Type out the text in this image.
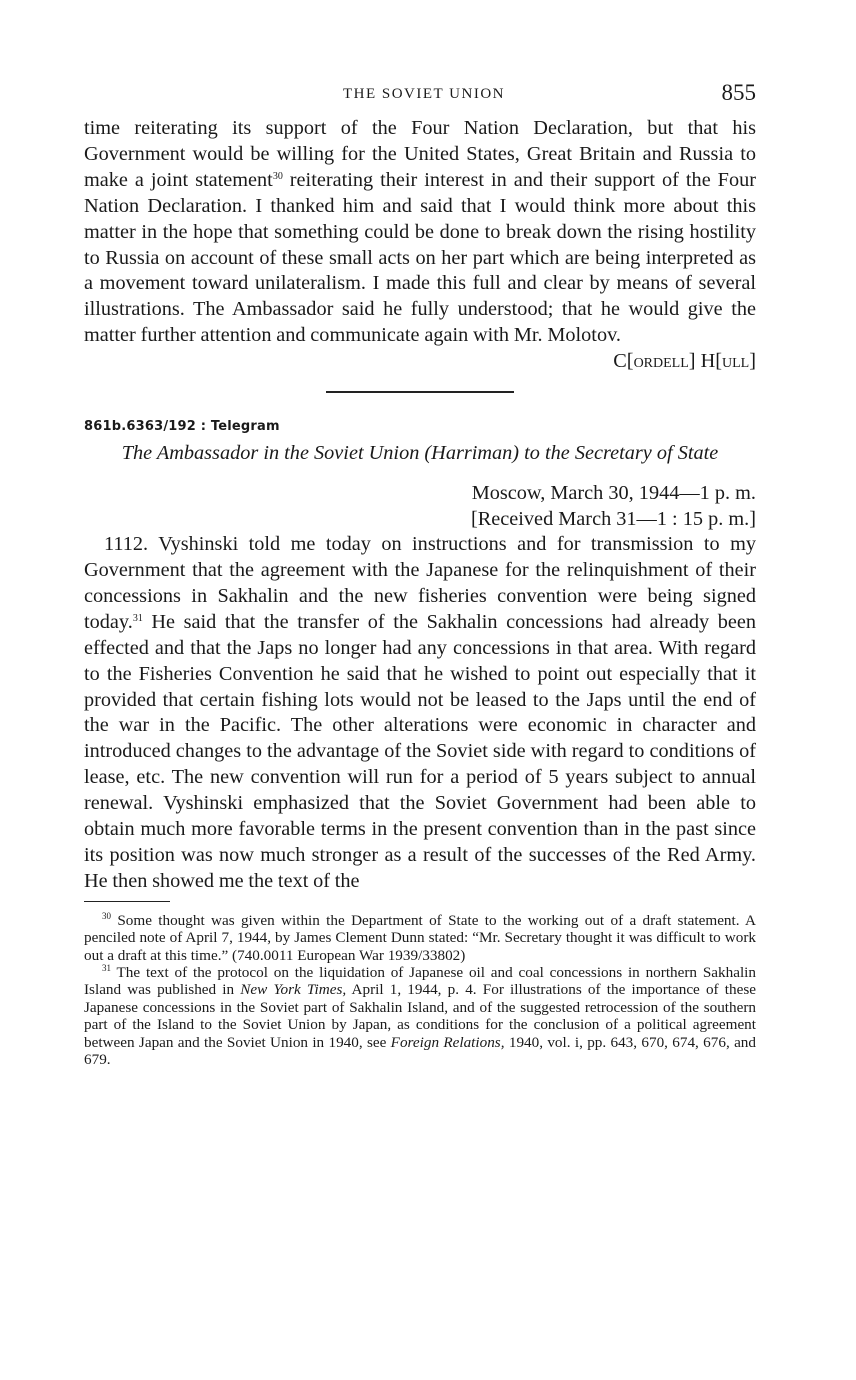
THE SOVIET UNION	855

time reiterating its support of the Four Nation Declaration, but that his Government would be willing for the United States, Great Britain and Russia to make a joint statement$^{30}$ reiterating their interest in and their support of the Four Nation Declaration. I thanked him and said that I would think more about this matter in the hope that something could be done to break down the rising hostility to Russia on account of these small acts on her part which are being interpreted as a movement toward unilateralism. I made this full and clear by means of several illustrations. The Ambassador said he fully understood; that he would give the matter further attention and communicate again with Mr. Molotov.

C[ordell] H[ull]

861b.6363/192 : Telegram
The Ambassador in the Soviet Union (Harriman) to the Secretary of State
Moscow, March 30, 1944—1 p. m.
[Received March 31—1 : 15 p. m.]

1112. Vyshinski told me today on instructions and for transmission to my Government that the agreement with the Japanese for the relinquishment of their concessions in Sakhalin and the new fisheries convention were being signed today.$^{31}$ He said that the transfer of the Sakhalin concessions had already been effected and that the Japs no longer had any concessions in that area. With regard to the Fisheries Convention he said that he wished to point out especially that it provided that certain fishing lots would not be leased to the Japs until the end of the war in the Pacific. The other alterations were economic in character and introduced changes to the advantage of the Soviet side with regard to conditions of lease, etc. The new convention will run for a period of 5 years subject to annual renewal. Vyshinski emphasized that the Soviet Government had been able to obtain much more favorable terms in the present convention than in the past since its position was now much stronger as a result of the successes of the Red Army. He then showed me the text of the

$^{30}$ Some thought was given within the Department of State to the working out of a draft statement. A penciled note of April 7, 1944, by James Clement Dunn stated: “Mr. Secretary thought it was difficult to work out a draft at this time.” (740.0011 European War 1939/33802)

$^{31}$ The text of the protocol on the liquidation of Japanese oil and coal concessions in northern Sakhalin Island was published in New York Times, April 1, 1944, p. 4. For illustrations of the importance of these Japanese concessions in the Soviet part of Sakhalin Island, and of the suggested retrocession of the southern part of the Island to the Soviet Union by Japan, as conditions for the conclusion of a political agreement between Japan and the Soviet Union in 1940, see Foreign Relations, 1940, vol. i, pp. 643, 670, 674, 676, and 679.
